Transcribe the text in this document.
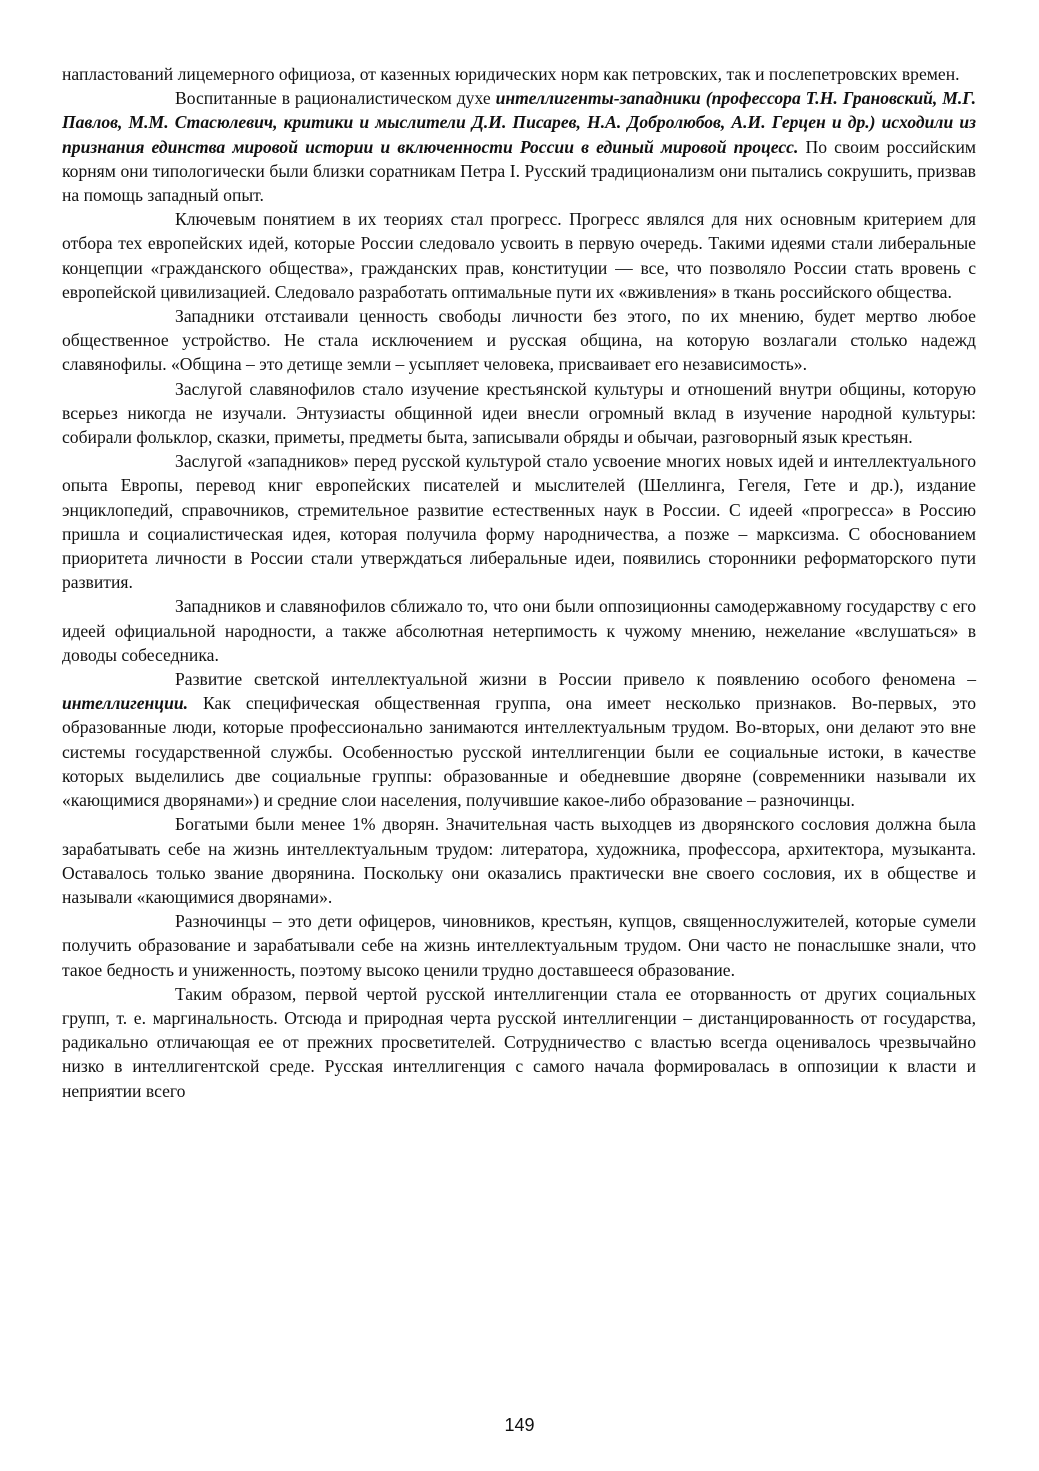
напластований лицемерного официоза, от казенных юридических норм как петровских, так и послепетровских времен.

Воспитанные в рационалистическом духе интеллигенты-западники (профессора Т.Н. Грановский, М.Г. Павлов, М.М. Стасюлевич, критики и мыслители Д.И. Писарев, Н.А. Добролюбов, А.И. Герцен и др.) исходили из признания единства мировой истории и включенности России в единый мировой процесс. По своим российским корням они типологически были близки соратникам Петра I. Русский традиционализм они пытались сокрушить, призвав на помощь западный опыт.

Ключевым понятием в их теориях стал прогресс. Прогресс являлся для них основным критерием для отбора тех европейских идей, которые России следовало усвоить в первую очередь. Такими идеями стали либеральные концепции «гражданского общества», гражданских прав, конституции — все, что позволяло России стать вровень с европейской цивилизацией. Следовало разработать оптимальные пути их «вживления» в ткань российского общества.

Западники отстаивали ценность свободы личности без этого, по их мнению, будет мертво любое общественное устройство. Не стала исключением и русская община, на которую возлагали столько надежд славянофилы. «Община – это детище земли – усыпляет человека, присваивает его независимость».

Заслугой славянофилов стало изучение крестьянской культуры и отношений внутри общины, которую всерьез никогда не изучали. Энтузиасты общинной идеи внесли огромный вклад в изучение народной культуры: собирали фольклор, сказки, приметы, предметы быта, записывали обряды и обычаи, разговорный язык крестьян.

Заслугой «западников» перед русской культурой стало усвоение многих новых идей и интеллектуального опыта Европы, перевод книг европейских писателей и мыслителей (Шеллинга, Гегеля, Гете и др.), издание энциклопедий, справочников, стремительное развитие естественных наук в России. С идеей «прогресса» в Россию пришла и социалистическая идея, которая получила форму народничества, а позже – марксизма. С обоснованием приоритета личности в России стали утверждаться либеральные идеи, появились сторонники реформаторского пути развития.

Западников и славянофилов сближало то, что они были оппозиционны самодержавному государству с его идеей официальной народности, а также абсолютная нетерпимость к чужому мнению, нежелание «вслушаться» в доводы собеседника.

Развитие светской интеллектуальной жизни в России привело к появлению особого феномена – интеллигенции. Как специфическая общественная группа, она имеет несколько признаков. Во-первых, это образованные люди, которые профессионально занимаются интеллектуальным трудом. Во-вторых, они делают это вне системы государственной службы. Особенностью русской интеллигенции были ее социальные истоки, в качестве которых выделились две социальные группы: образованные и обедневшие дворяне (современники называли их «кающимися дворянами») и средние слои населения, получившие какое-либо образование – разночинцы.

Богатыми были менее 1% дворян. Значительная часть выходцев из дворянского сословия должна была зарабатывать себе на жизнь интеллектуальным трудом: литератора, художника, профессора, архитектора, музыканта. Оставалось только звание дворянина. Поскольку они оказались практически вне своего сословия, их в обществе и называли «кающимися дворянами».

Разночинцы – это дети офицеров, чиновников, крестьян, купцов, священнослужителей, которые сумели получить образование и зарабатывали себе на жизнь интеллектуальным трудом. Они часто не понаслышке знали, что такое бедность и униженность, поэтому высоко ценили трудно доставшееся образование.

Таким образом, первой чертой русской интеллигенции стала ее оторванность от других социальных групп, т. е. маргинальность. Отсюда и природная черта русской интеллигенции – дистанцированность от государства, радикально отличающая ее от прежних просветителей. Сотрудничество с властью всегда оценивалось чрезвычайно низко в интеллигентской среде. Русская интеллигенция с самого начала формировалась в оппозиции к власти и неприятии всего

149
